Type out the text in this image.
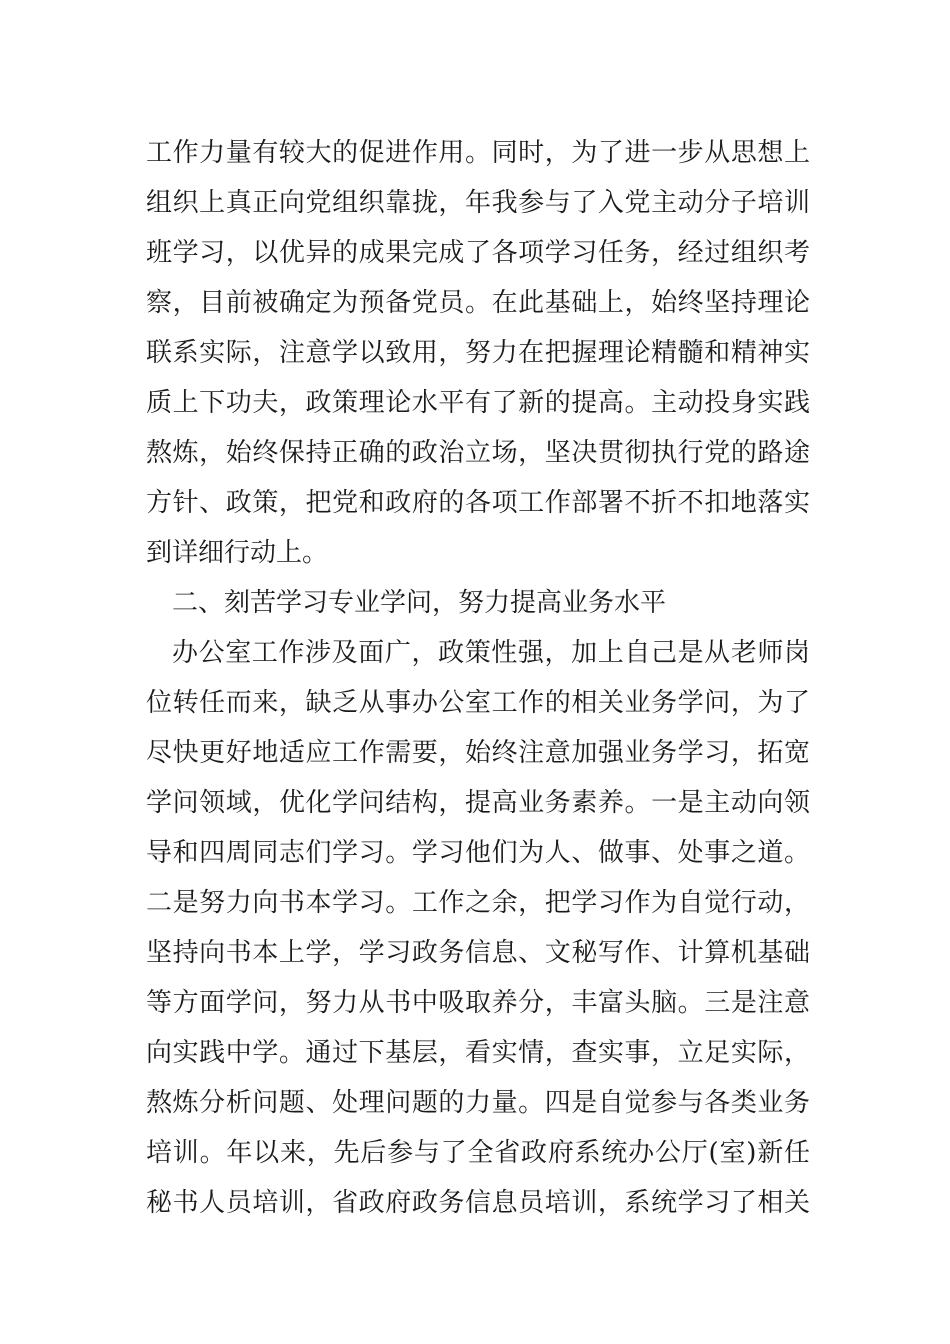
工作力量有较大的促进作用。同时，为了进一步从思想上
组织上真正向党组织靠拢，年我参与了入党主动分子培训
班学习，以优异的成果完成了各项学习任务，经过组织考
察，目前被确定为预备党员。在此基础上，始终坚持理论
联系实际，注意学以致用，努力在把握理论精髓和精神实
质上下功夫，政策理论水平有了新的提高。主动投身实践
熬炼，始终保持正确的政治立场，坚决贯彻执行党的路途
方针、政策，把党和政府的各项工作部署不折不扣地落实
到详细行动上。
二、刻苦学习专业学问，努力提高业务水平
办公室工作涉及面广，政策性强，加上自己是从老师岗
位转任而来，缺乏从事办公室工作的相关业务学问，为了
尽快更好地适应工作需要，始终注意加强业务学习，拓宽
学问领域，优化学问结构，提高业务素养。一是主动向领
导和四周同志们学习。学习他们为人、做事、处事之道。
二是努力向书本学习。工作之余，把学习作为自觉行动，
坚持向书本上学，学习政务信息、文秘写作、计算机基础
等方面学问，努力从书中吸取养分，丰富头脑。三是注意
向实践中学。通过下基层，看实情，查实事，立足实际，
熬炼分析问题、处理问题的力量。四是自觉参与各类业务
培训。年以来，先后参与了全省政府系统办公厅(室)新任
秘书人员培训，省政府政务信息员培训，系统学习了相关
